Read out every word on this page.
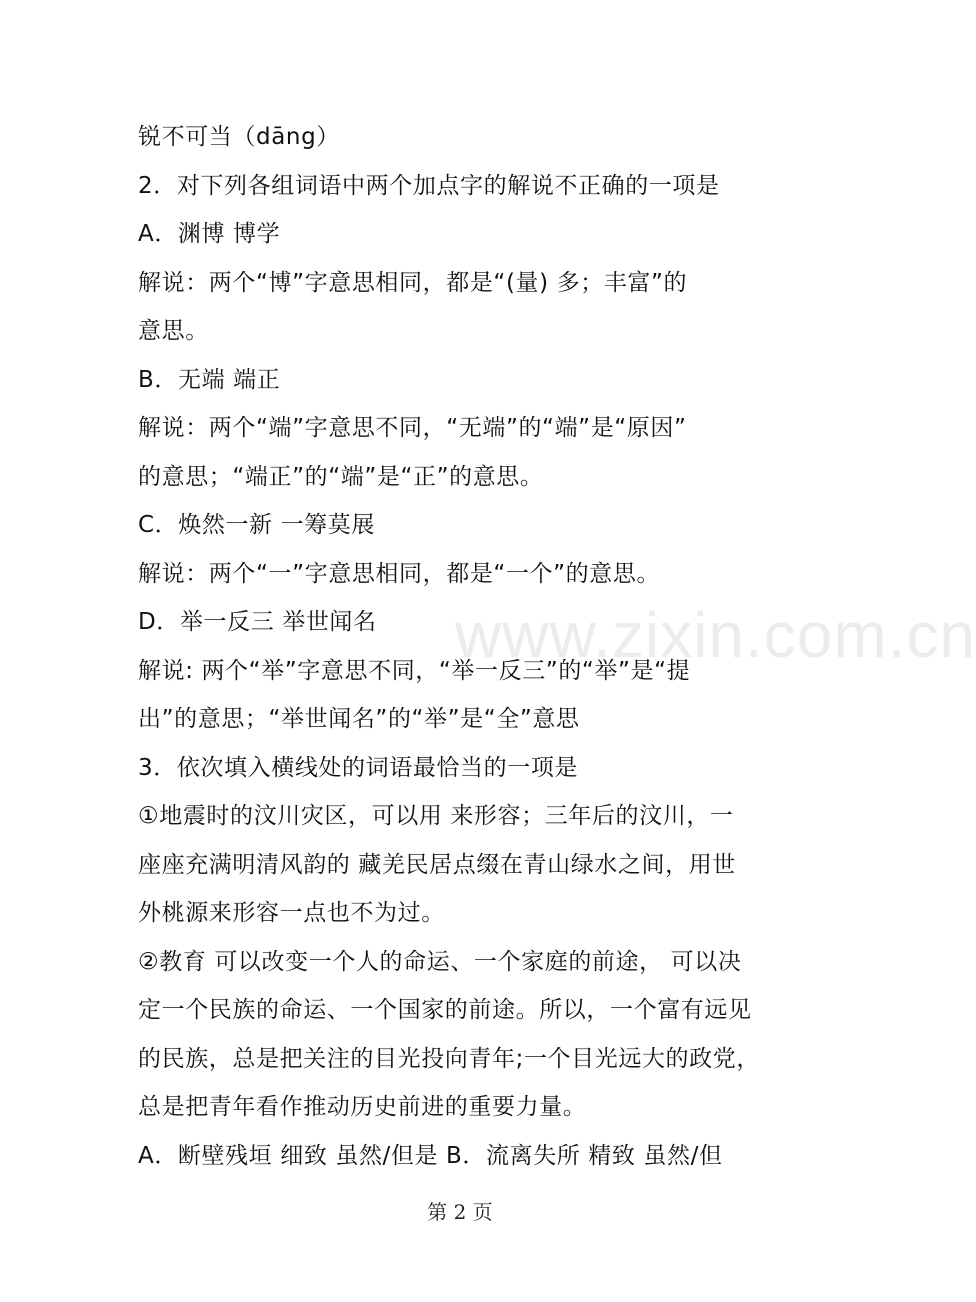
www.zixin.com.cn
锐不可当（dāng）
2．对下列各组词语中两个加点字的解说不正确的一项是
A．渊博 博学
解说：两个“博”字意思相同，都是“(量) 多；丰富”的
意思。
B．无端 端正
解说：两个“端”字意思不同，“无端”的“端”是“原因”
的意思；“端正”的“端”是“正”的意思。
C．焕然一新 一筹莫展
解说：两个“一”字意思相同，都是“一个”的意思。
D．举一反三 举世闻名
解说: 两个“举”字意思不同，“举一反三”的“举”是“提
出”的意思；“举世闻名”的“举”是“全”意思
3．依次填入横线处的词语最恰当的一项是
①地震时的汶川灾区，可以用 来形容；三年后的汶川，一
座座充满明清风韵的 藏羌民居点缀在青山绿水之间，用世
外桃源来形容一点也不为过。
②教育 可以改变一个人的命运、一个家庭的前途， 可以决
定一个民族的命运、一个国家的前途。所以，一个富有远见
的民族，总是把关注的目光投向青年;一个目光远大的政党，
总是把青年看作推动历史前进的重要力量。
A．断壁残垣 细致 虽然/但是 B．流离失所 精致 虽然/但
第 2 页
